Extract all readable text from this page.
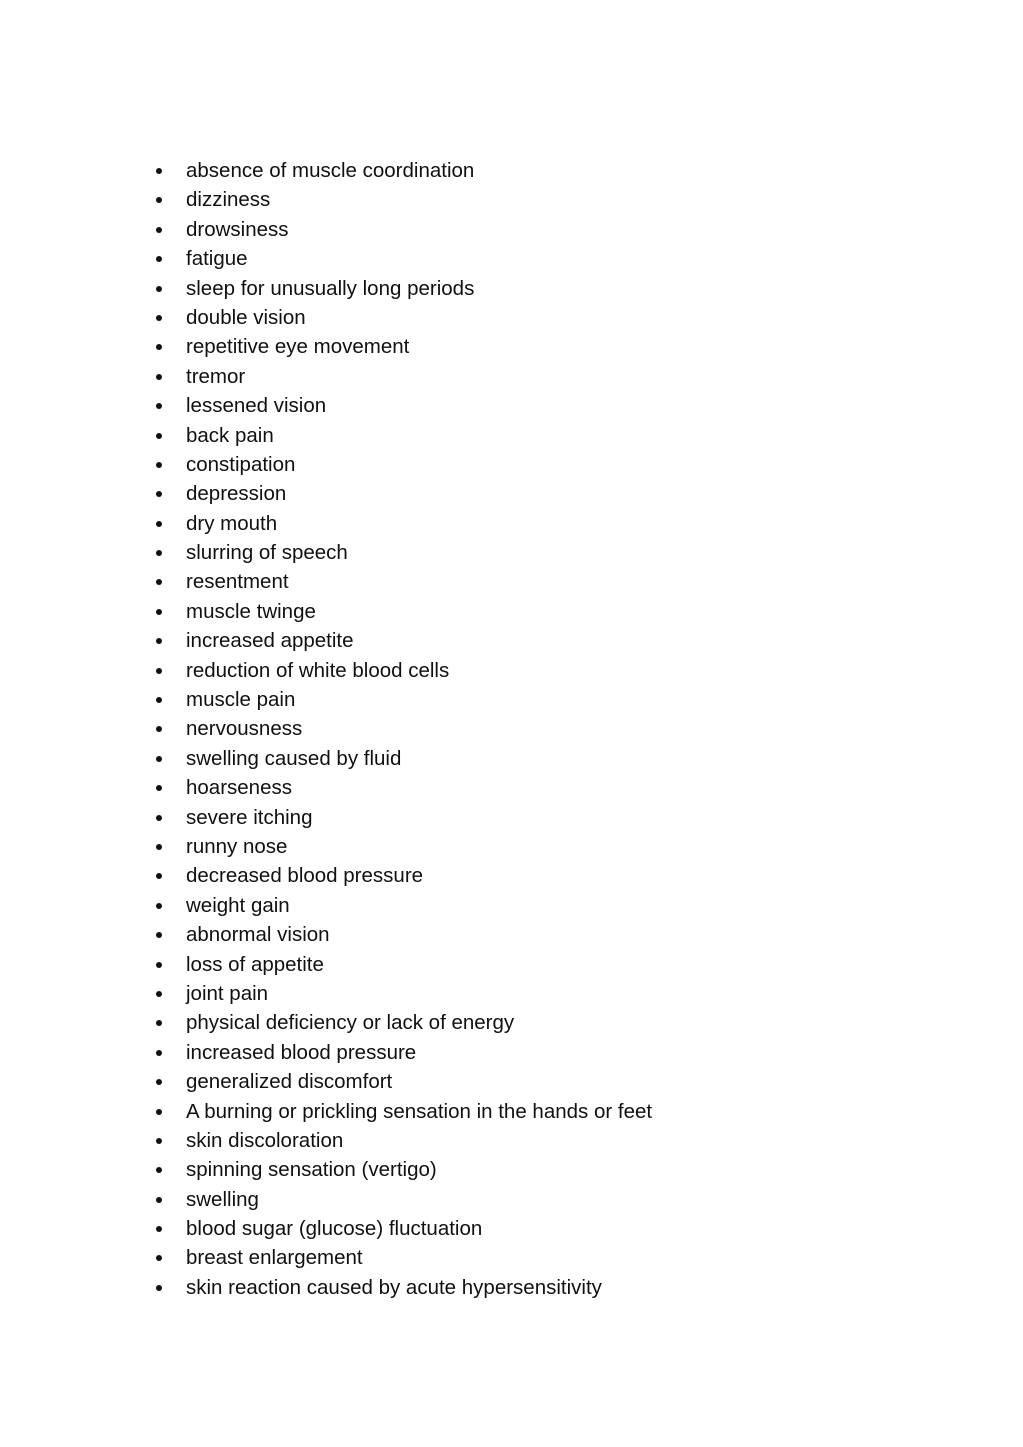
absence of muscle coordination
dizziness
drowsiness
fatigue
sleep for unusually long periods
double vision
repetitive eye movement
tremor
lessened vision
back pain
constipation
depression
dry mouth
slurring of speech
resentment
muscle twinge
increased appetite
reduction of white blood cells
muscle pain
nervousness
swelling caused by fluid
hoarseness
severe itching
runny nose
decreased blood pressure
weight gain
abnormal vision
loss of appetite
joint pain
physical deficiency or lack of energy
increased blood pressure
generalized discomfort
A burning or prickling sensation in the hands or feet
skin discoloration
spinning sensation (vertigo)
swelling
blood sugar (glucose) fluctuation
breast enlargement
skin reaction caused by acute hypersensitivity
